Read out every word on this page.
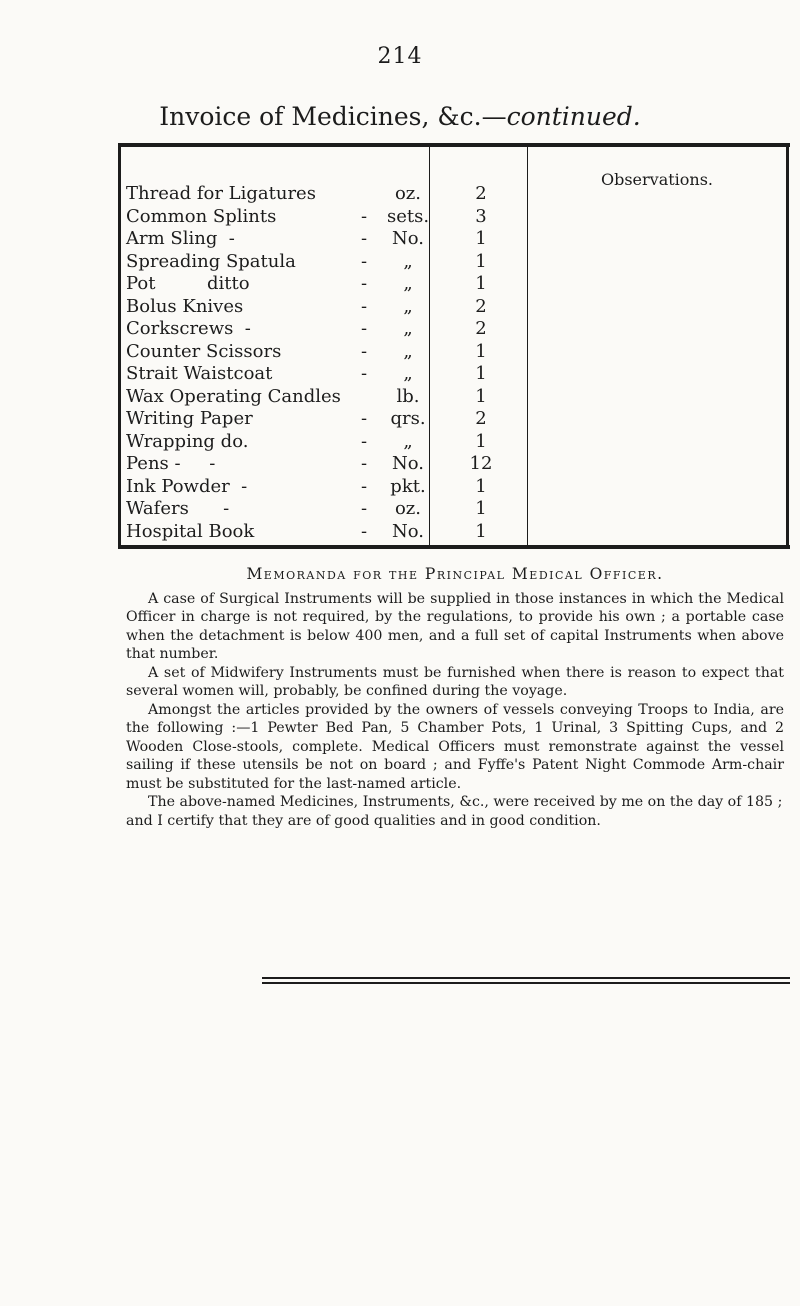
214
Invoice of Medicines, &c.—continued.
Observations.
Thread for Ligatures	oz.	2
Common Splints	-	sets.	3
Arm Sling  -	-	No.	1
Spreading Spatula	-	„	1
Pot         ditto	-	„	1
Bolus Knives	-	„	2
Corkscrews  -	-	„	2
Counter Scissors	-	„	1
Strait Waistcoat	-	„	1
Wax Operating Candles	lb.	1
Writing Paper	-	qrs.	2
Wrapping do.	-	„	1
Pens -     -	-	No.	12
Ink Powder  -	-	pkt.	1
Wafers      -	-	oz.	1
Hospital Book	-	No.	1
Memoranda for the Principal Medical Officer.

A case of Surgical Instruments will be supplied in those instances in which the Medical Officer in charge is not required, by the regulations, to provide his own ; a portable case when the detachment is below 400 men, and a full set of capital Instruments when above that number.

A set of Midwifery Instruments must be furnished when there is reason to expect that several women will, probably, be confined during the voyage.

Amongst the articles provided by the owners of vessels conveying Troops to India, are the following :—1 Pewter Bed Pan, 5 Chamber Pots, 1 Urinal, 3 Spitting Cups, and 2 Wooden Close-stools, complete. Medical Officers must remonstrate against the vessel sailing if these utensils be not on board ; and Fyffe's Patent Night Commode Arm-chair must be substituted for the last-named article.

The above-named Medicines, Instruments, &c., were received by me on the day of 185 ; and I certify that they are of good qualities and in good condition.
